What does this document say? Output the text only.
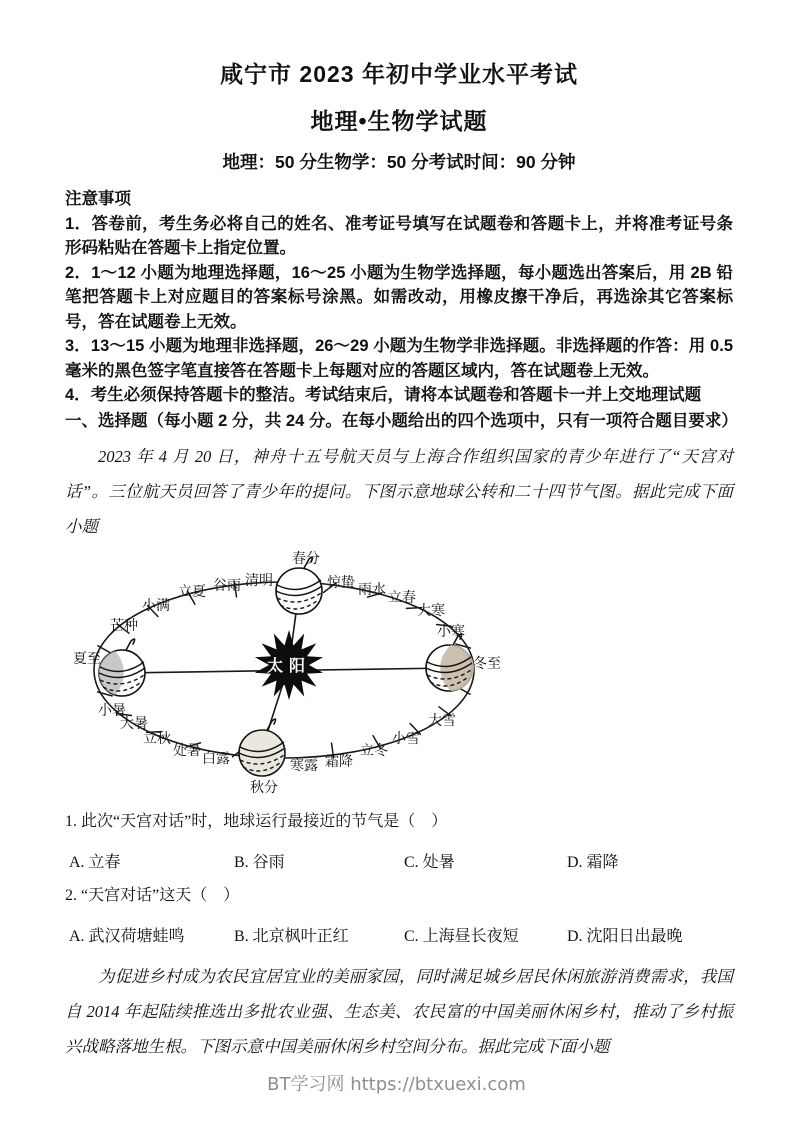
咸宁市 2023 年初中学业水平考试
地理•生物学试题
地理：50 分生物学：50 分考试时间：90 分钟

注意事项

1．答卷前，考生务必将自己的姓名、准考证号填写在试题卷和答题卡上，并将准考证号条形码粘贴在答题卡上指定位置。

2．1～12 小题为地理选择题，16～25 小题为生物学选择题，每小题选出答案后，用 2B 铅笔把答题卡上对应题目的答案标号涂黑。如需改动，用橡皮擦干净后，再选涂其它答案标号，答在试题卷上无效。

3．13～15 小题为地理非选择题，26～29 小题为生物学非选择题。非选择题的作答：用 0.5 毫米的黑色签字笔直接答在答题卡上每题对应的答题区域内，答在试题卷上无效。

4．考生必须保持答题卡的整洁。考试结束后，请将本试题卷和答题卡一并上交地理试题

一、选择题（每小题 2 分，共 24 分。在每小题给出的四个选项中，只有一项符合题目要求）

2023 年 4 月 20 日，神舟十五号航天员与上海合作组织国家的青少年进行了“天宫对话”。三位航天员回答了青少年的提问。下图示意地球公转和二十四节气图。据此完成下面小题

太阳
春分
清明
谷雨
立夏
小满
芒种
夏至
小暑
大暑
立秋
处暑 白露
秋分
寒露 霜降
立冬
小雪
大雪
冬至
小寒
大寒
立春
雨水
惊蛰

1. 此次“天宫对话”时，地球运行最接近的节气是（　）

A. 立春	B. 谷雨	C. 处暑	D. 霜降

2. “天宫对话”这天（　）

A. 武汉荷塘蛙鸣	B. 北京枫叶正红	C. 上海昼长夜短	D. 沈阳日出最晚

为促进乡村成为农民宜居宜业的美丽家园，同时满足城乡居民休闲旅游消费需求，我国自 2014 年起陆续推选出多批农业强、生态美、农民富的中国美丽休闲乡村，推动了乡村振兴战略落地生根。下图示意中国美丽休闲乡村空间分布。据此完成下面小题

BT学习网 https://btxuexi.com
